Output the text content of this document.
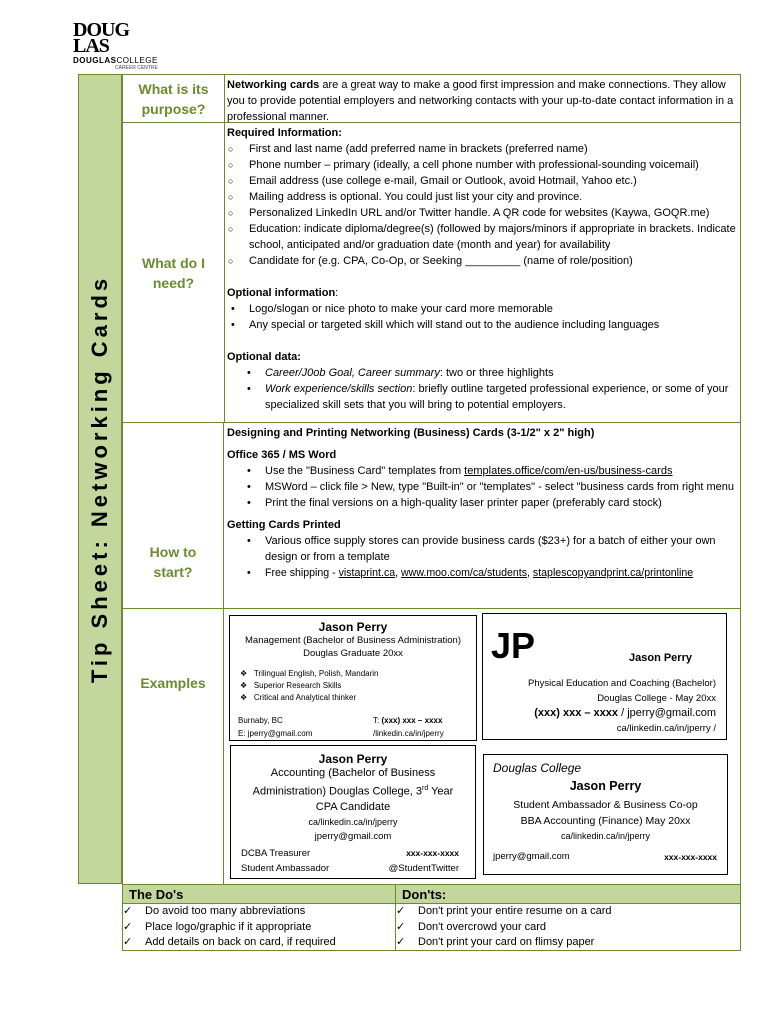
DOUG
LAS
DOUGLASCOLLEGE
CAREER CENTRE
Tip Sheet: Networking Cards
What is its
purpose?

Networking cards are a great way to make a good first impression and make connections. They allow you to provide potential employers and networking contacts with your up-to-date contact information in a professional manner.

What do I
need?

Required Information:

○ First and last name (add preferred name in brackets (preferred name)
○ Phone number – primary (ideally, a cell phone number with professional-sounding voicemail)
○ Email address (use college e-mail, Gmail or Outlook, avoid Hotmail, Yahoo etc.)
○ Mailing address is optional. You could just list your city and province.
○ Personalized LinkedIn URL and/or Twitter handle. A QR code for websites (Kaywa, GOQR.me)
○ Education: indicate diploma/degree(s) (followed by majors/minors if appropriate in brackets. Indicate school, anticipated and/or graduation date (month and year) for availability
○ Candidate for (e.g. CPA, Co-Op, or Seeking _________ (name of role/position)

Optional information:

• Logo/slogan or nice photo to make your card more memorable
• Any special or targeted skill which will stand out to the audience including languages

Optional data:

• Career/J0ob Goal, Career summary: two or three highlights
• Work experience/skills section: briefly outline targeted professional experience, or some of your specialized skill sets that you will bring to potential employers.
How to
start?

Designing and Printing Networking (Business) Cards (3-1/2" x 2" high)

Office 365 / MS Word

• Use the "Business Card" templates from templates.office/com/en-us/business-cards
• MSWord – click file > New, type "Built-in" or "templates" - select "business cards from right menu
• Print the final versions on a high-quality laser printer paper (preferably card stock)

Getting Cards Printed

• Various office supply stores can provide business cards ($23+) for a batch of either your own design or from a template
• Free shipping - vistaprint.ca, www.moo.com/ca/students, staplescopyandprint.ca/printonline
Examples
Jason Perry
Management (Bachelor of Business Administration)
Douglas Graduate 20xx
❖   Trilingual English, Polish, Mandarin
❖   Superior Research Skills
❖   Critical and Analytical thinker
Burnaby, BC
E: jperry@gmail.com
T: (xxx) xxx – xxxx
/linkedin.ca/in/jperry
JP	Jason Perry
Physical Education and Coaching (Bachelor)
Douglas College - May 20xx
(xxx) xxx – xxxx / jperry@gmail.com
ca/linkedin.ca/in/jperry /
Jason Perry
Accounting (Bachelor of Business
Administration) Douglas College, 3rd Year
CPA Candidate
ca/linkedin.ca/in/jperry
jperry@gmail.com
DCBA Treasurer
Student Ambassador
xxx-xxx-xxxx
@StudentTwitter
Douglas College
Jason Perry
Student Ambassador & Business Co-op
BBA Accounting (Finance) May 20xx
ca/linkedin.ca/in/jperry
jperry@gmail.com	xxx-xxx-xxxx
The Do's	Don'ts:
✓ Do avoid too many abbreviations
✓ Place logo/graphic if it appropriate
✓ Add details on back on card, if required
✓ Don't print your entire resume on a card
✓ Don't overcrowd your card
✓ Don't print your card on flimsy paper
